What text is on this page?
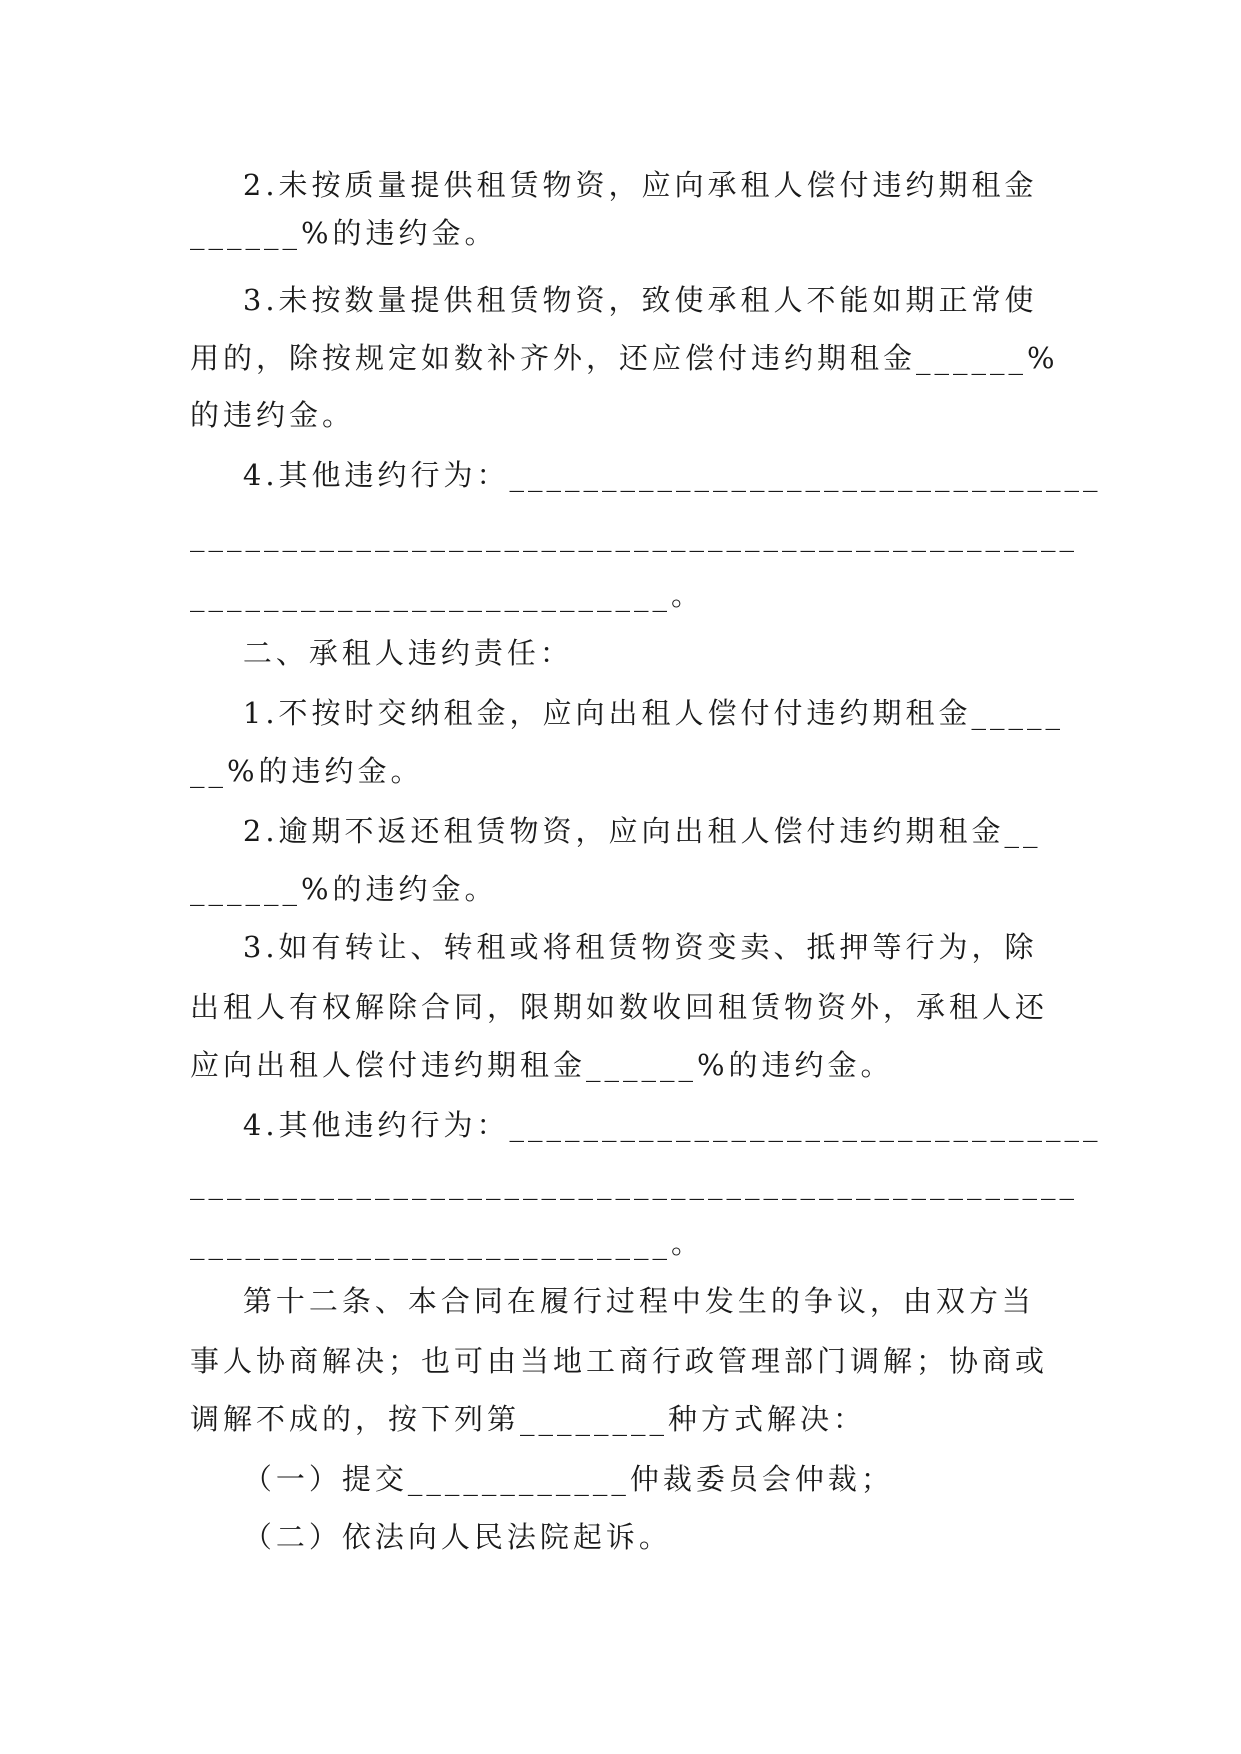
2.未按质量提供租赁物资，应向承租人偿付违约期租金
______%的违约金。
3.未按数量提供租赁物资，致使承租人不能如期正常使
用的，除按规定如数补齐外，还应偿付违约期租金______%
的违约金。
4.其他违约行为：________________________________
________________________________________________
__________________________。
二、承租人违约责任：
1.不按时交纳租金，应向出租人偿付付违约期租金_____
__%的违约金。
2.逾期不返还租赁物资，应向出租人偿付违约期租金__
______%的违约金。
3.如有转让、转租或将租赁物资变卖、抵押等行为，除
出租人有权解除合同，限期如数收回租赁物资外，承租人还
应向出租人偿付违约期租金______%的违约金。
4.其他违约行为：________________________________
________________________________________________
__________________________。
第十二条、本合同在履行过程中发生的争议，由双方当
事人协商解决；也可由当地工商行政管理部门调解；协商或
调解不成的，按下列第________种方式解决：
（一）提交____________仲裁委员会仲裁；
（二）依法向人民法院起诉。
